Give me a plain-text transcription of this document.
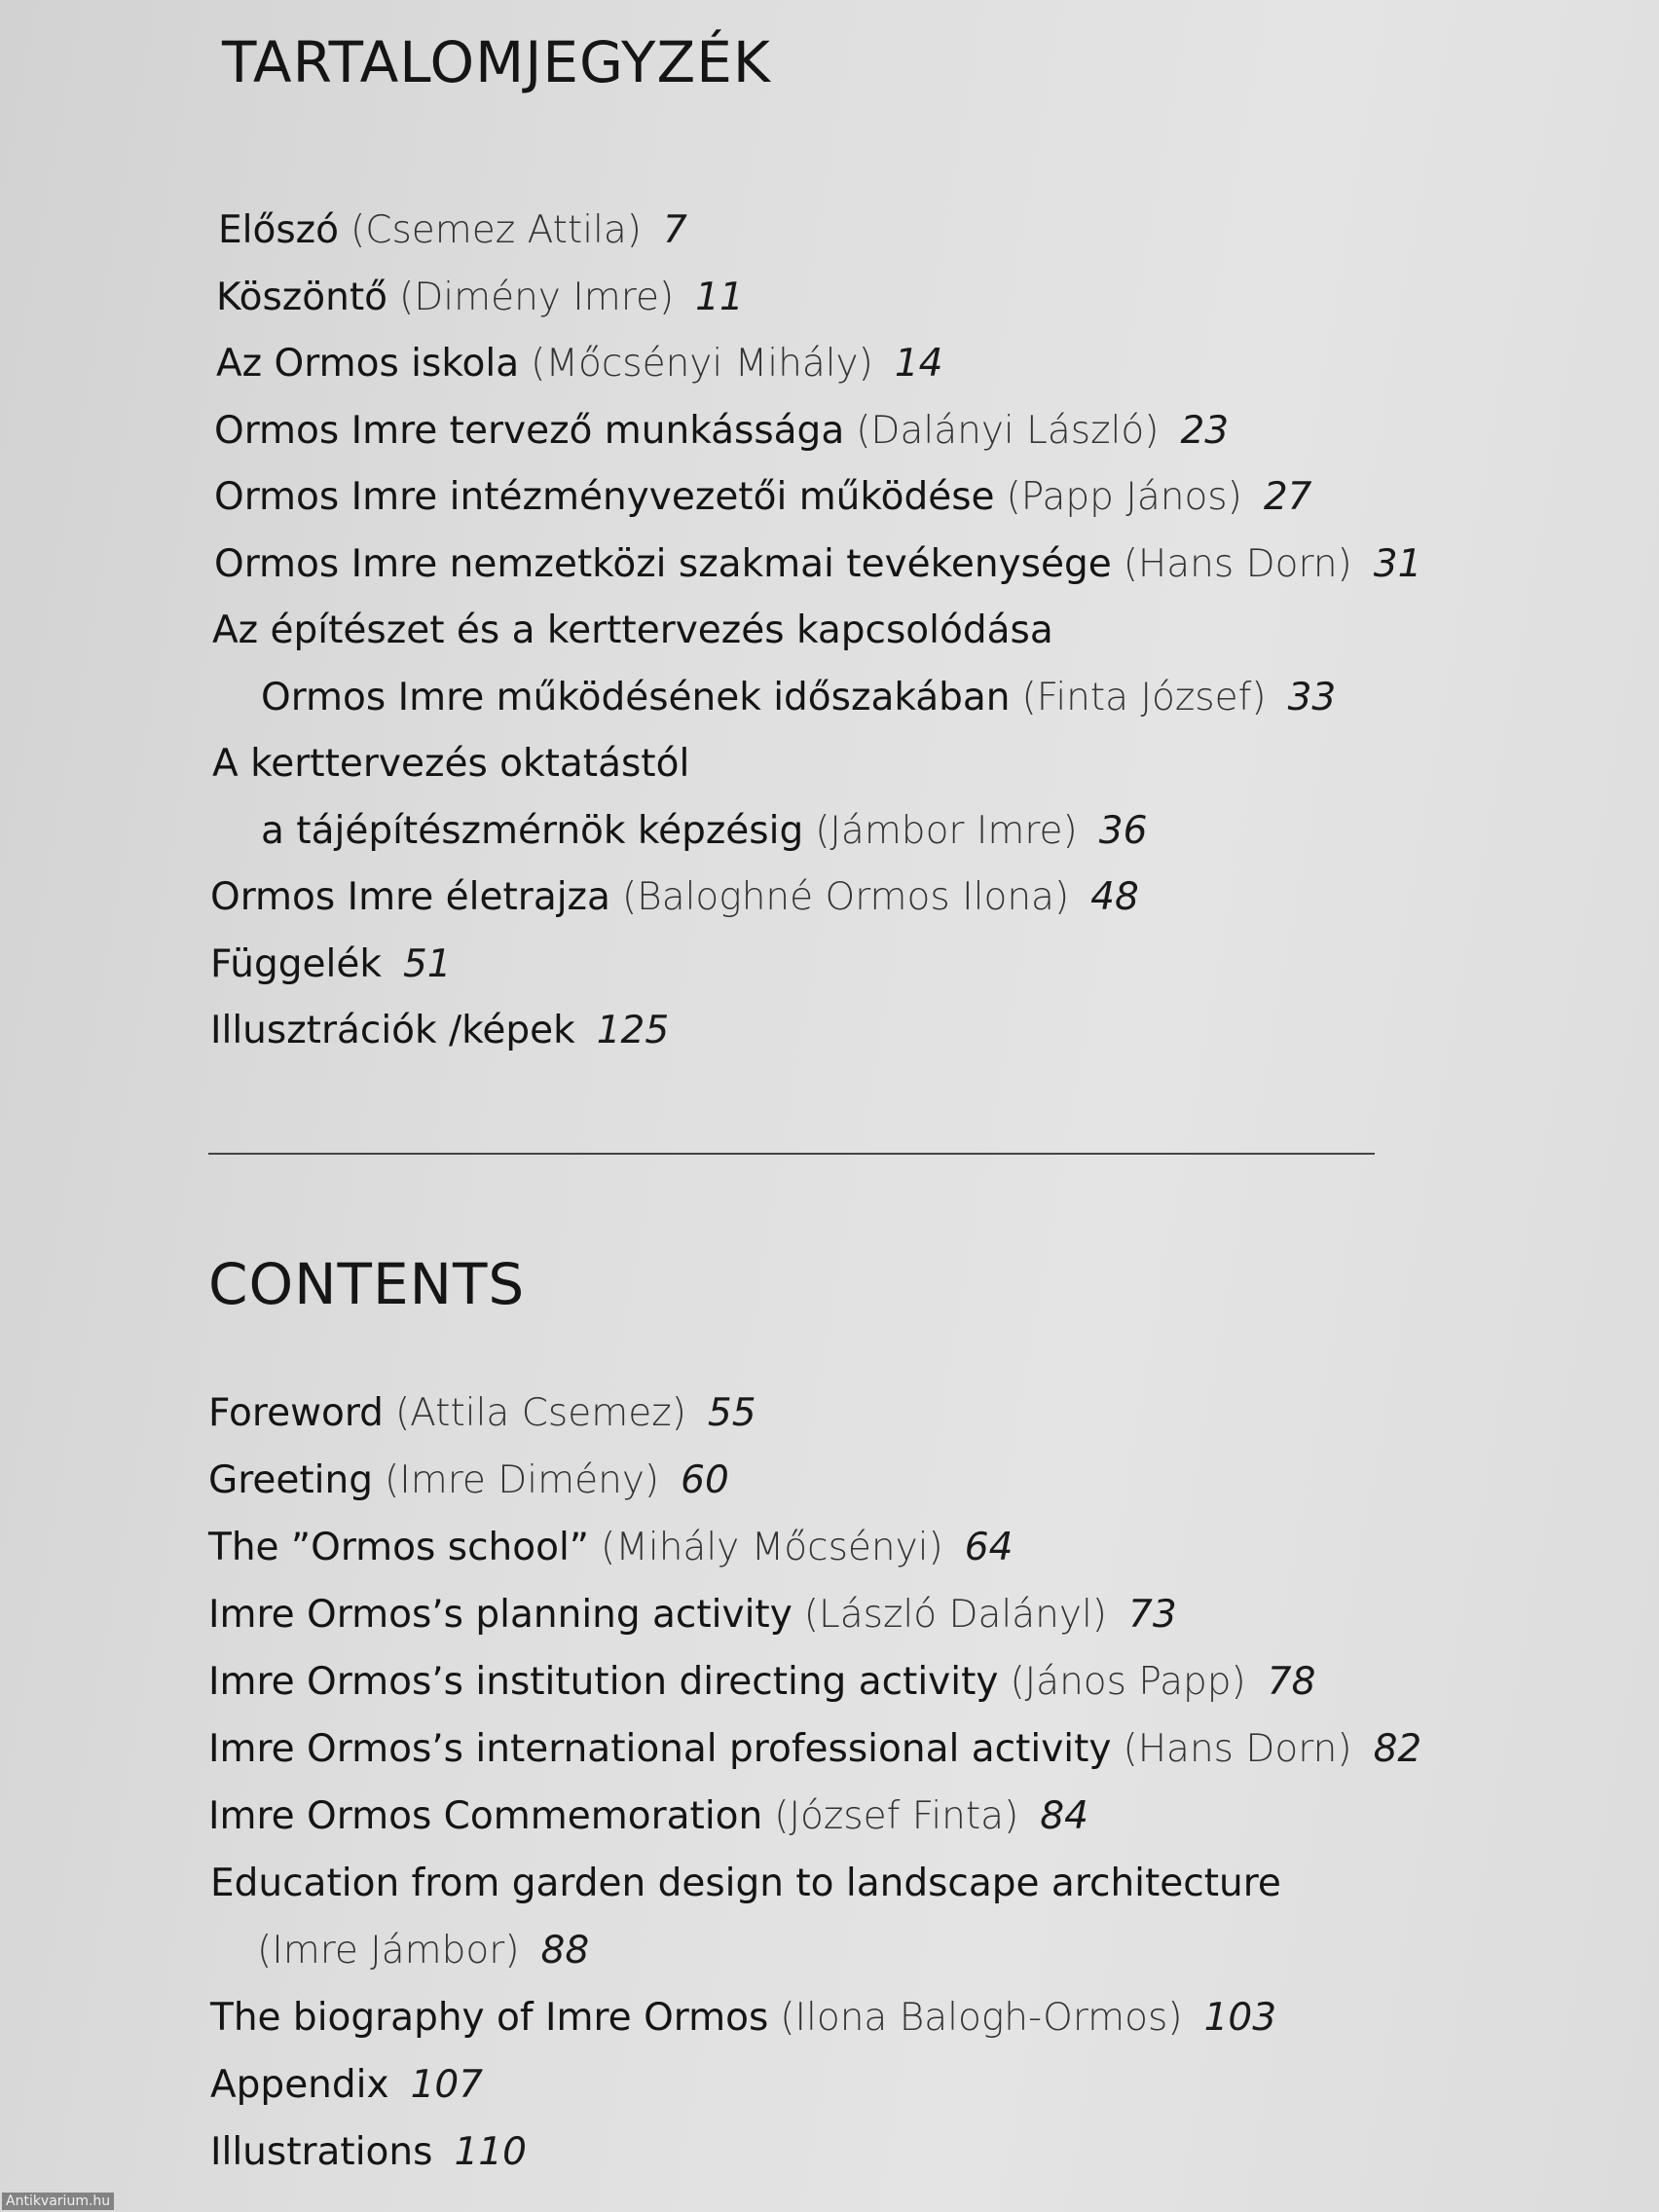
TARTALOMJEGYZÉK
Előszó (Csemez Attila) 7
Köszöntő (Dimény Imre) 11
Az Ormos iskola (Mőcsényi Mihály) 14
Ormos Imre tervező munkássága (Dalányi László) 23
Ormos Imre intézményvezetői működése (Papp János) 27
Ormos Imre nemzetközi szakmai tevékenysége (Hans Dorn) 31
Az építészet és a kerttervezés kapcsolódása
Ormos Imre működésének időszakában (Finta József) 33
A kerttervezés oktatástól
a tájépítészmérnök képzésig (Jámbor Imre) 36
Ormos Imre életrajza (Baloghné Ormos Ilona) 48
Függelék 51
Illusztrációk /képek 125
CONTENTS
Foreword (Attila Csemez) 55
Greeting (Imre Dimény) 60
The ”Ormos school” (Mihály Mőcsényi) 64
Imre Ormos’s planning activity (László Dalányl) 73
Imre Ormos’s institution directing activity (János Papp) 78
Imre Ormos’s international professional activity (Hans Dorn) 82
Imre Ormos Commemoration (József Finta) 84
Education from garden design to landscape architecture
(Imre Jámbor) 88
The biography of Imre Ormos (Ilona Balogh-Ormos) 103
Appendix 107
Illustrations 110
Antikvarium.hu
